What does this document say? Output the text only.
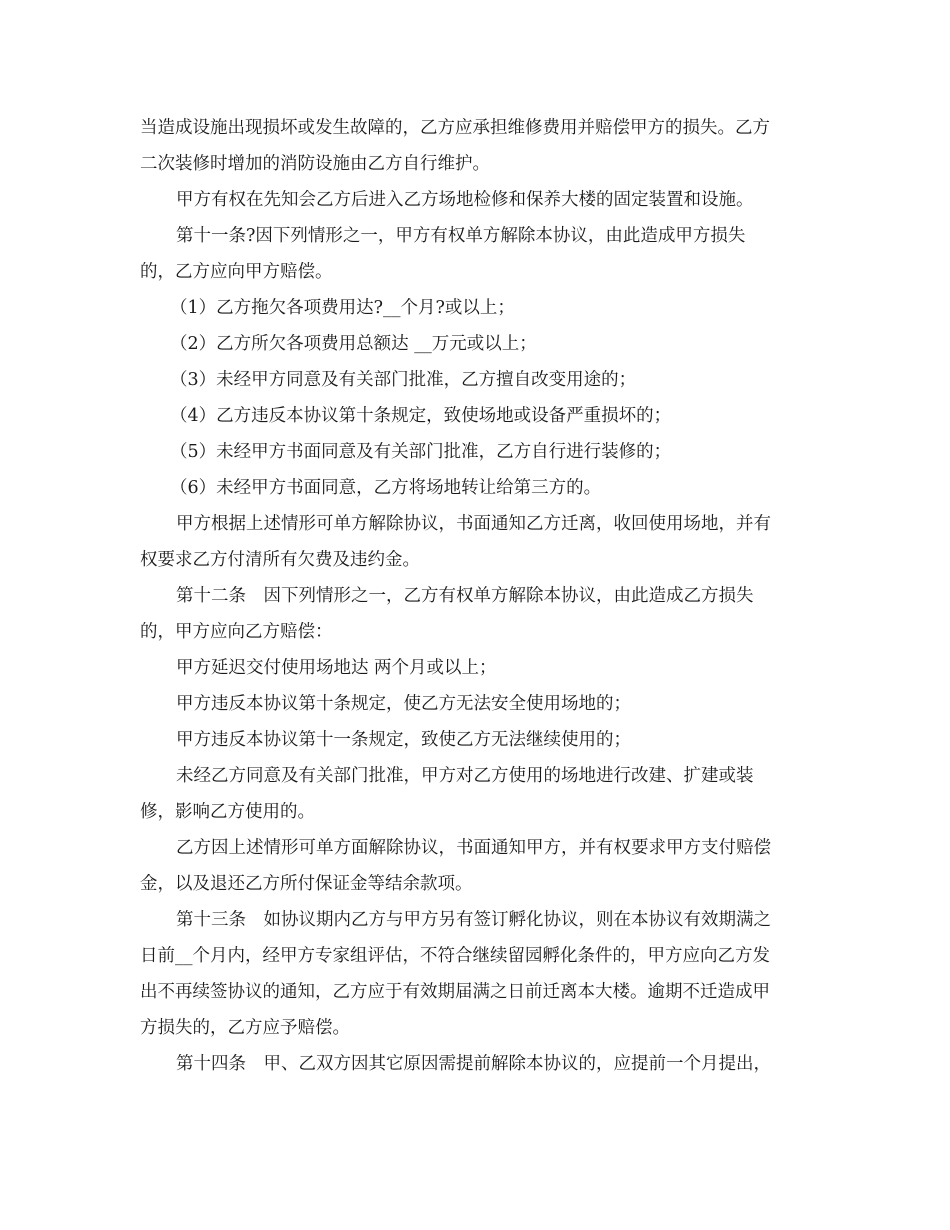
当造成设施出现损坏或发生故障的，乙方应承担维修费用并赔偿甲方的损失。乙方
二次装修时增加的消防设施由乙方自行维护。
甲方有权在先知会乙方后进入乙方场地检修和保养大楼的固定装置和设施。
第十一条?因下列情形之一，甲方有权单方解除本协议，由此造成甲方损失
的，乙方应向甲方赔偿。
（1）乙方拖欠各项费用达?__个月?或以上；
（2）乙方所欠各项费用总额达 __万元或以上；
（3）未经甲方同意及有关部门批准，乙方擅自改变用途的；
（4）乙方违反本协议第十条规定，致使场地或设备严重损坏的；
（5）未经甲方书面同意及有关部门批准，乙方自行进行装修的；
（6）未经甲方书面同意，乙方将场地转让给第三方的。
甲方根据上述情形可单方解除协议，书面通知乙方迁离，收回使用场地，并有
权要求乙方付清所有欠费及违约金。
第十二条　因下列情形之一，乙方有权单方解除本协议，由此造成乙方损失
的，甲方应向乙方赔偿：
甲方延迟交付使用场地达 两个月或以上；
甲方违反本协议第十条规定，使乙方无法安全使用场地的；
甲方违反本协议第十一条规定，致使乙方无法继续使用的；
未经乙方同意及有关部门批准，甲方对乙方使用的场地进行改建、扩建或装
修，影响乙方使用的。
乙方因上述情形可单方面解除协议，书面通知甲方，并有权要求甲方支付赔偿
金，以及退还乙方所付保证金等结余款项。
第十三条　如协议期内乙方与甲方另有签订孵化协议，则在本协议有效期满之
日前__个月内，经甲方专家组评估，不符合继续留园孵化条件的，甲方应向乙方发
出不再续签协议的通知，乙方应于有效期届满之日前迁离本大楼。逾期不迁造成甲
方损失的，乙方应予赔偿。
第十四条　甲、乙双方因其它原因需提前解除本协议的，应提前一个月提出，
